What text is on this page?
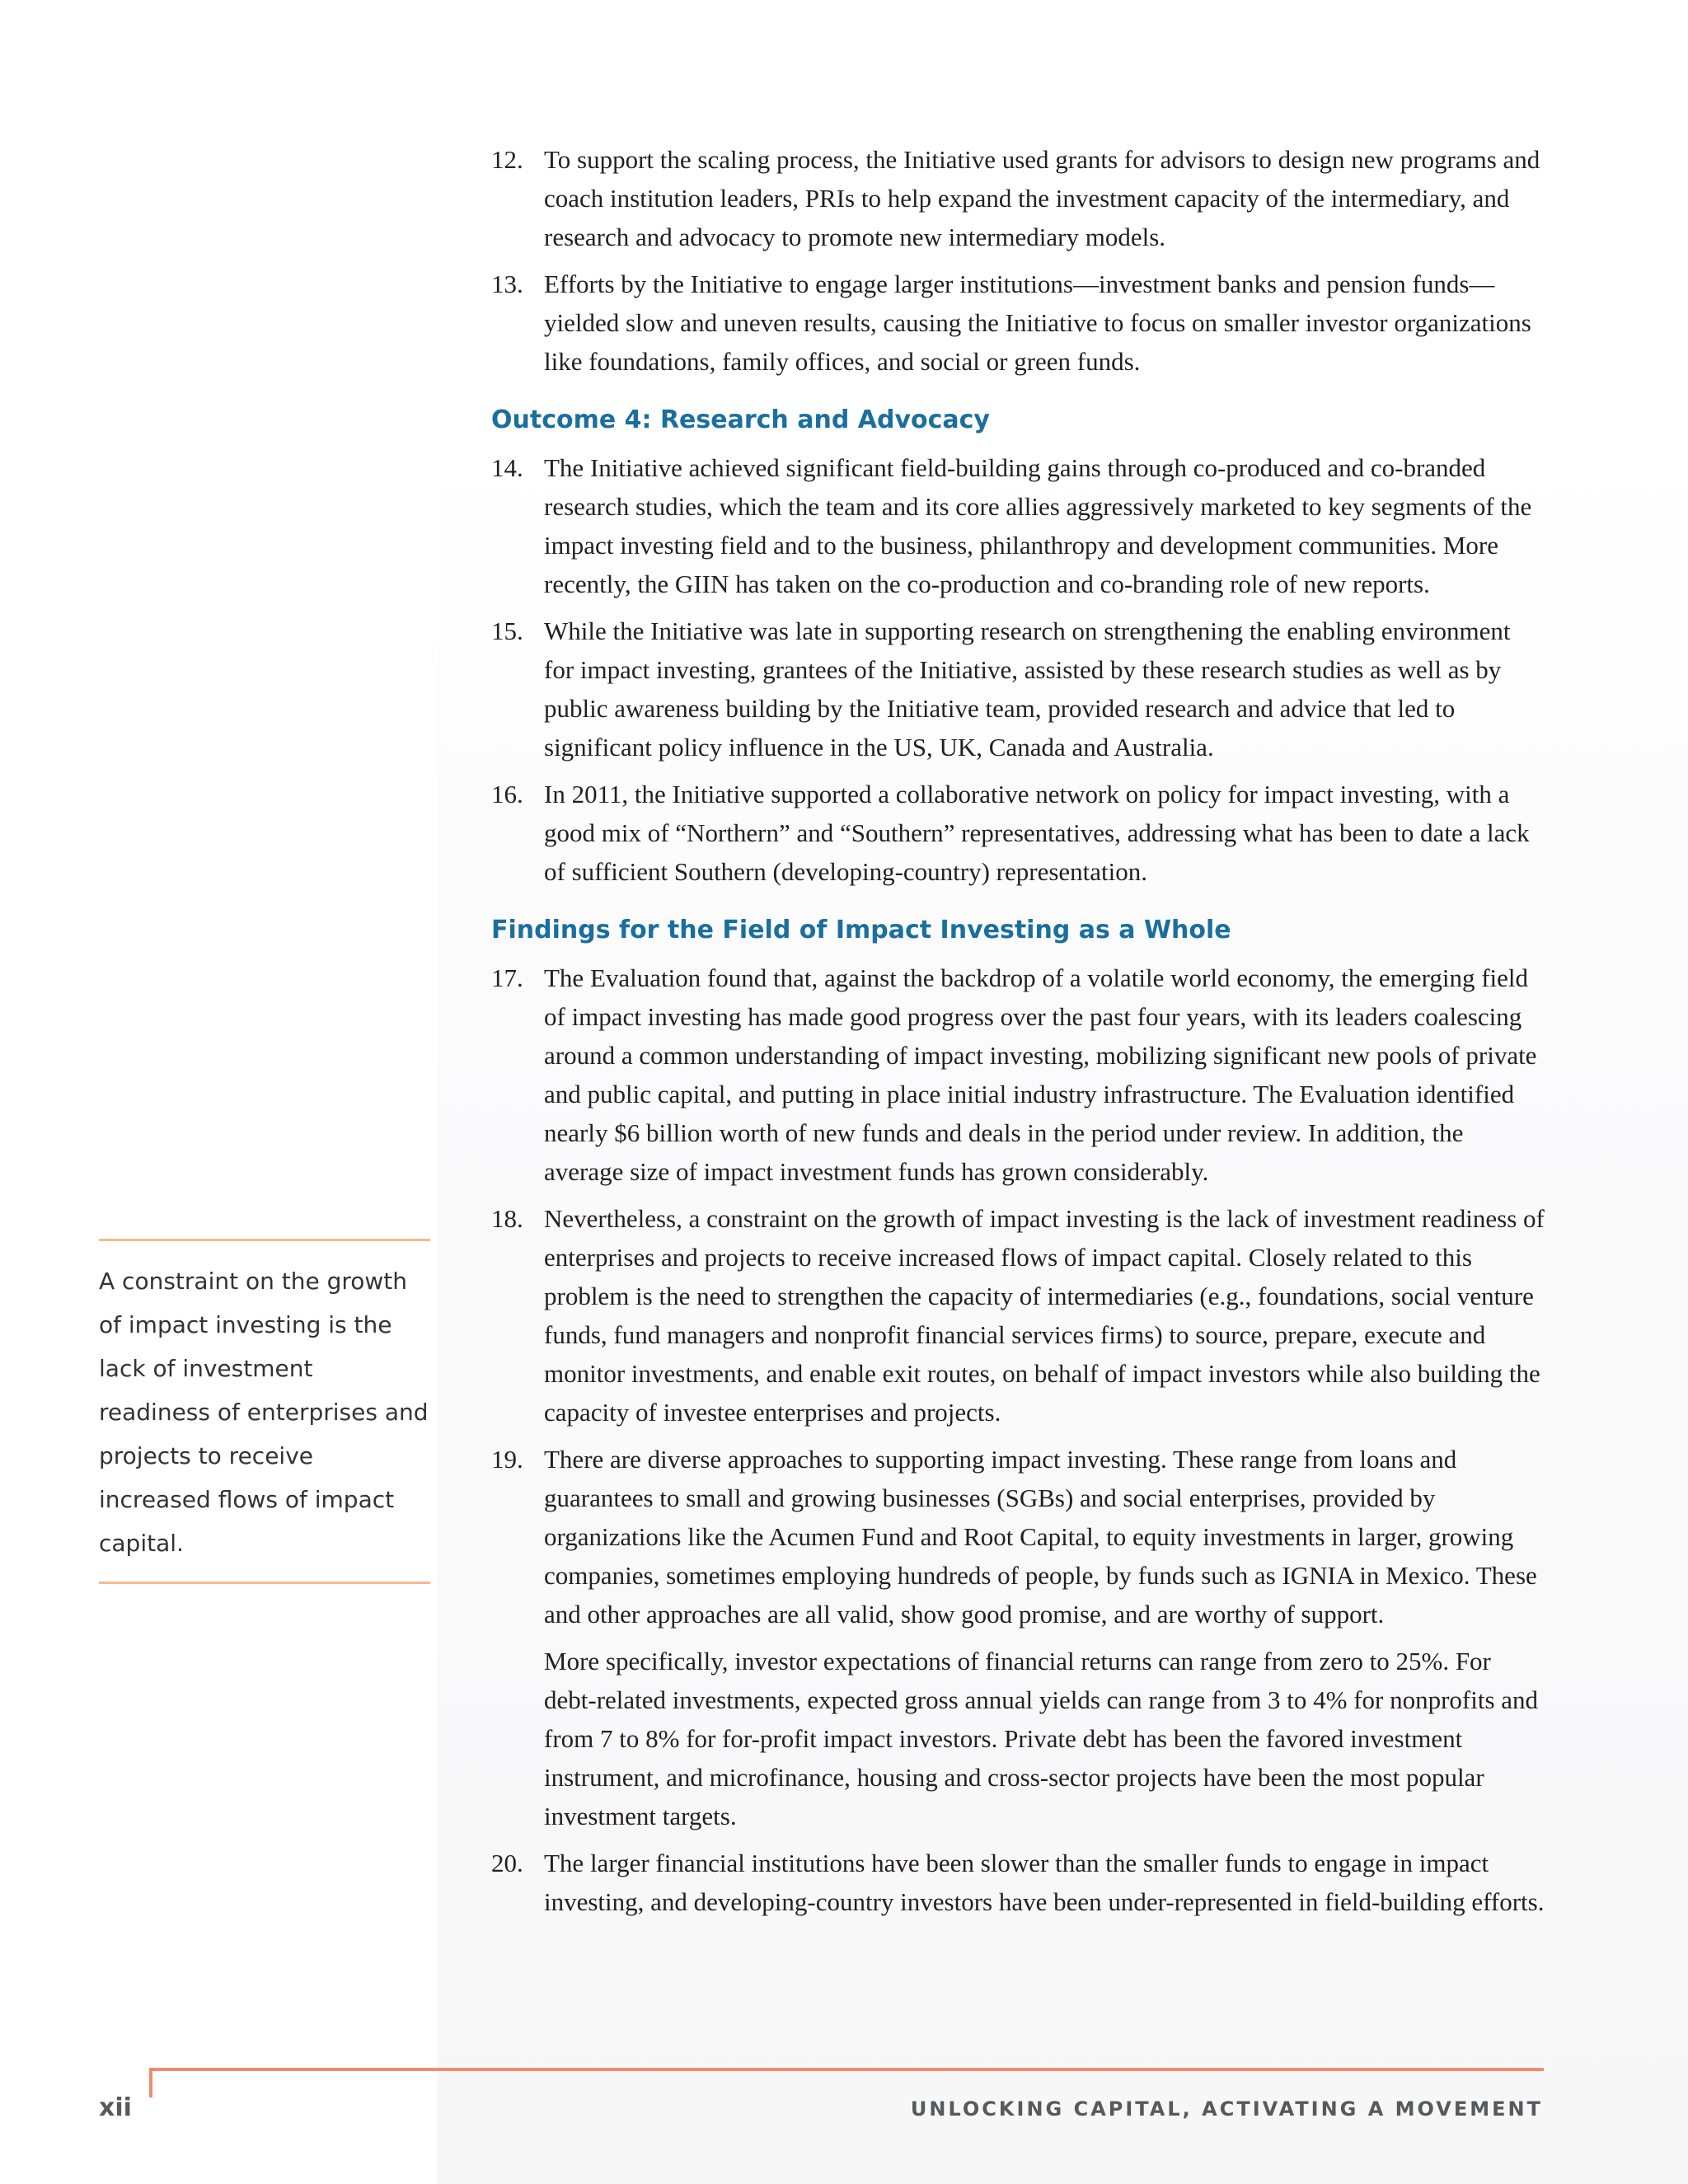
12. To support the scaling process, the Initiative used grants for advisors to design new programs and coach institution leaders, PRIs to help expand the investment capacity of the intermediary, and research and advocacy to promote new intermediary models.
13. Efforts by the Initiative to engage larger institutions—investment banks and pension funds—yielded slow and uneven results, causing the Initiative to focus on smaller investor organizations like foundations, family offices, and social or green funds.
Outcome 4: Research and Advocacy
14. The Initiative achieved significant field-building gains through co-produced and co-branded research studies, which the team and its core allies aggressively marketed to key segments of the impact investing field and to the business, philanthropy and development communities. More recently, the GIIN has taken on the co-production and co-branding role of new reports.
15. While the Initiative was late in supporting research on strengthening the enabling environment for impact investing, grantees of the Initiative, assisted by these research studies as well as by public awareness building by the Initiative team, provided research and advice that led to significant policy influence in the US, UK, Canada and Australia.
16. In 2011, the Initiative supported a collaborative network on policy for impact investing, with a good mix of “Northern” and “Southern” representatives, addressing what has been to date a lack of sufficient Southern (developing-country) representation.
Findings for the Field of Impact Investing as a Whole
17. The Evaluation found that, against the backdrop of a volatile world economy, the emerging field of impact investing has made good progress over the past four years, with its leaders coalescing around a common understanding of impact investing, mobilizing significant new pools of private and public capital, and putting in place initial industry infrastructure. The Evaluation identified nearly $6 billion worth of new funds and deals in the period under review. In addition, the average size of impact investment funds has grown considerably.
18. Nevertheless, a constraint on the growth of impact investing is the lack of investment readiness of enterprises and projects to receive increased flows of impact capital. Closely related to this problem is the need to strengthen the capacity of intermediaries (e.g., foundations, social venture funds, fund managers and nonprofit financial services firms) to source, prepare, execute and monitor investments, and enable exit routes, on behalf of impact investors while also building the capacity of investee enterprises and projects.
19. There are diverse approaches to supporting impact investing. These range from loans and guarantees to small and growing businesses (SGBs) and social enterprises, provided by organizations like the Acumen Fund and Root Capital, to equity investments in larger, growing companies, sometimes employing hundreds of people, by funds such as IGNIA in Mexico. These and other approaches are all valid, show good promise, and are worthy of support.
More specifically, investor expectations of financial returns can range from zero to 25%. For debt-related investments, expected gross annual yields can range from 3 to 4% for nonprofits and from 7 to 8% for for-profit impact investors. Private debt has been the favored investment instrument, and microfinance, housing and cross-sector projects have been the most popular investment targets.
20. The larger financial institutions have been slower than the smaller funds to engage in impact investing, and developing-country investors have been under-represented in field-building efforts.
A constraint on the growth of impact investing is the lack of investment readiness of enterprises and projects to receive increased flows of impact capital.
xii	UNLOCKING CAPITAL, ACTIVATING A MOVEMENT
